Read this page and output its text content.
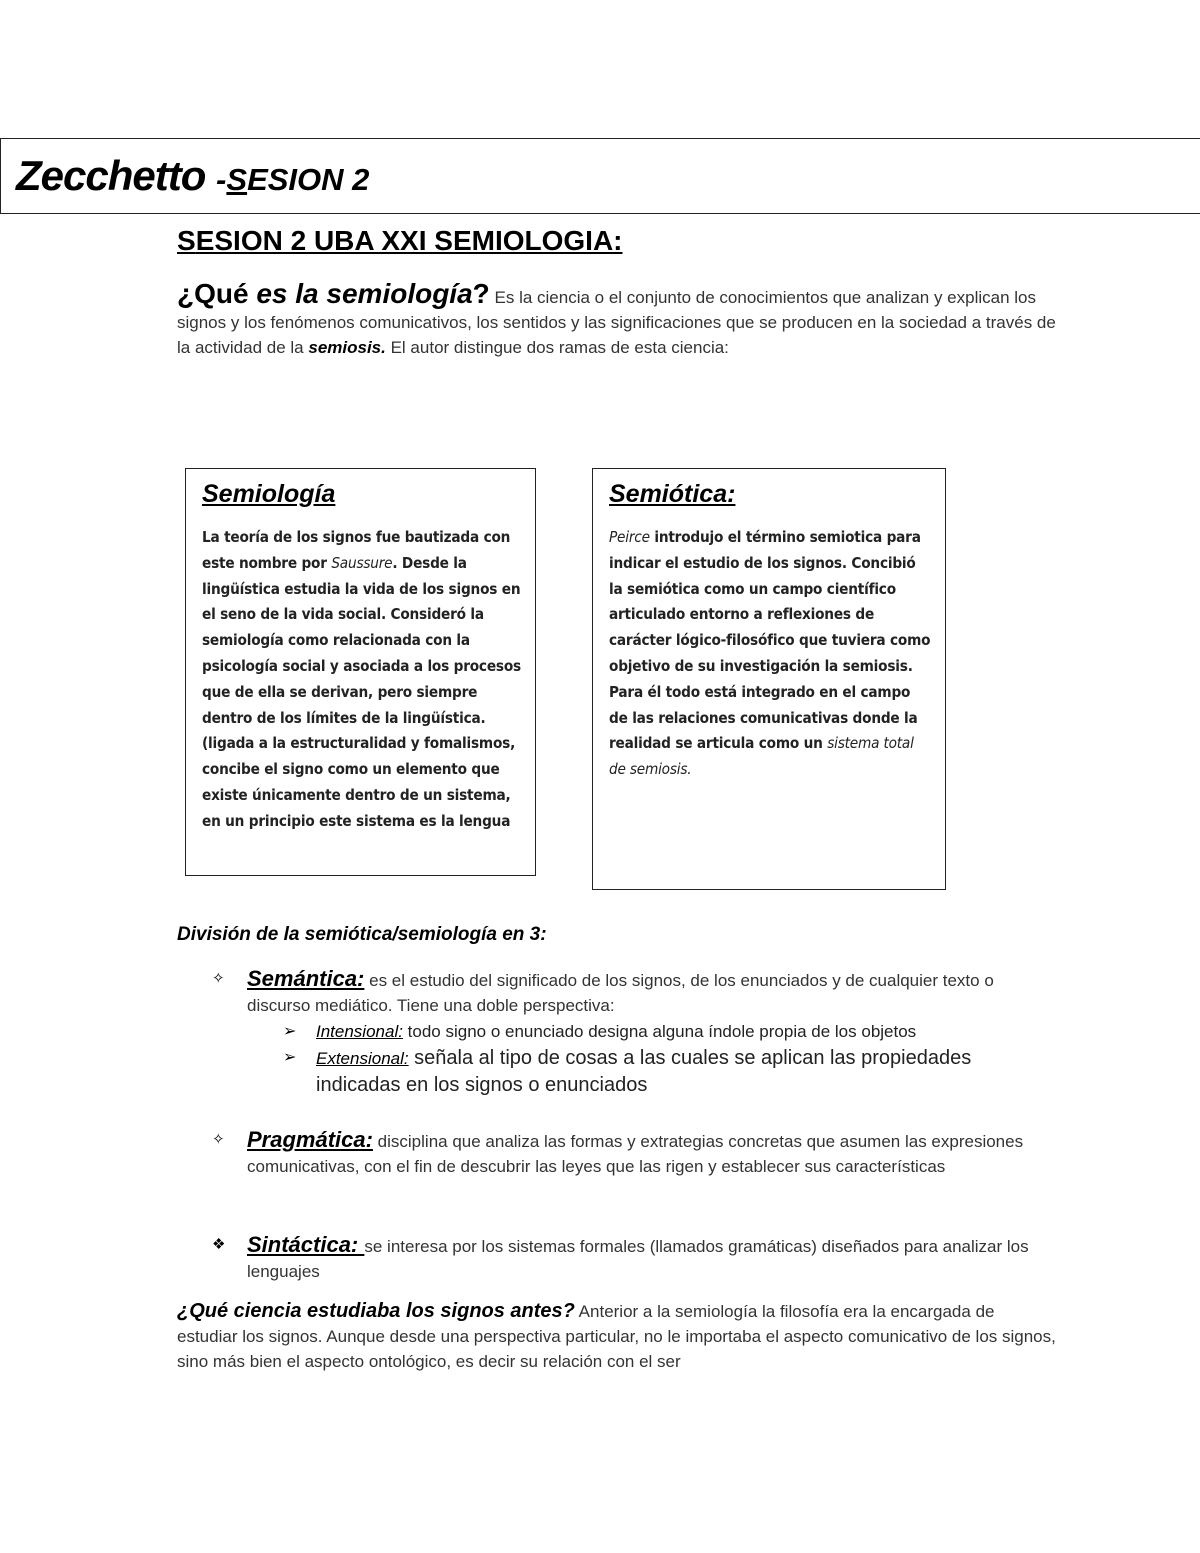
Zecchetto -SESION 2
SESION 2 UBA XXI SEMIOLOGIA:

¿Qué es la semiología? Es la ciencia o el conjunto de conocimientos que analizan y explican los signos y los fenómenos comunicativos, los sentidos y las significaciones que se producen en la sociedad a través de la actividad de la semiosis. El autor distingue dos ramas de esta ciencia:

Semiología

La teoría de los signos fue bautizada con este nombre por Saussure. Desde la lingüística estudia la vida de los signos en el seno de la vida social. Consideró la semiología como relacionada con la psicología social y asociada a los procesos que de ella se derivan, pero siempre dentro de los límites de la lingüística. (ligada a la estructuralidad y fomalismos, concibe el signo como un elemento que existe únicamente dentro de un sistema, en un principio este sistema es la lengua

Semiótica:

Peirce introdujo el término semiotica para indicar el estudio de los signos. Concibió la semiótica como un campo científico articulado entorno a reflexiones de carácter lógico-filosófico que tuviera como objetivo de su investigación la semiosis. Para él todo está integrado en el campo de las relaciones comunicativas donde la realidad se articula como un sistema total de semiosis.

División de la semiótica/semiología en 3:
✧	Semántica: es el estudio del significado de los signos, de los enunciados y de cualquier texto o discurso mediático. Tiene una doble perspectiva:
➢ Intensional: todo signo o enunciado designa alguna índole propia de los objetos
➢ Extensional: señala al tipo de cosas a las cuales se aplican las propiedades indicadas en los signos o enunciados
✧	Pragmática: disciplina que analiza las formas y extrategias concretas que asumen las expresiones comunicativas, con el fin de descubrir las leyes que las rigen y establecer sus características
❖ Sintáctica: se interesa por los sistemas formales (llamados gramáticas) diseñados para analizar los lenguajes

¿Qué ciencia estudiaba los signos antes? Anterior a la semiología la filosofía era la encargada de estudiar los signos. Aunque desde una perspectiva particular, no le importaba el aspecto comunicativo de los signos, sino más bien el aspecto ontológico, es decir su relación con el ser
